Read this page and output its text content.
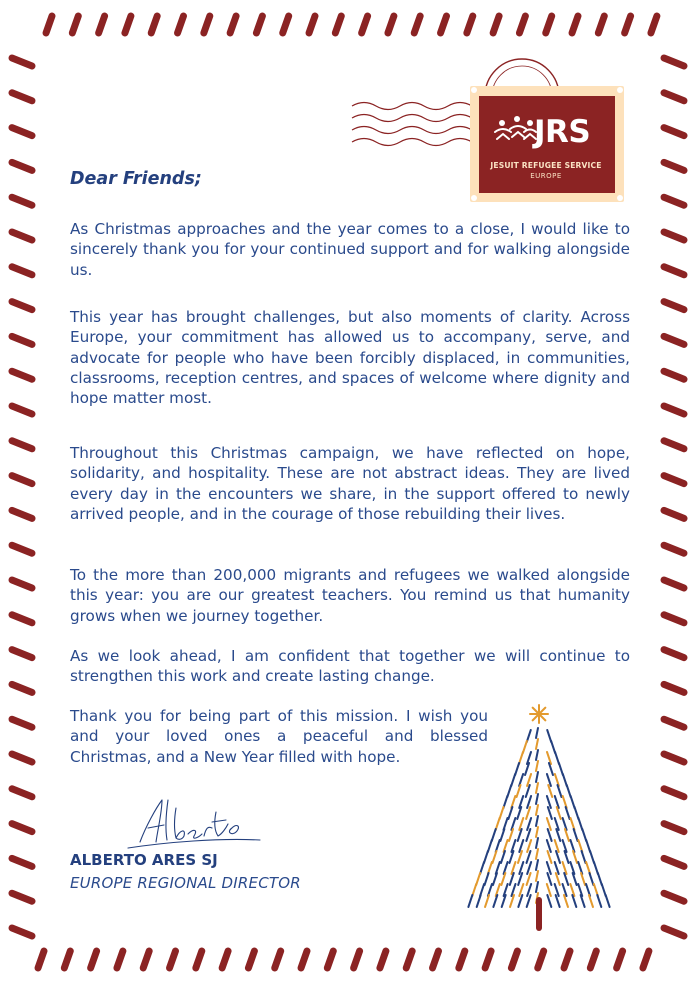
JRS
JESUIT REFUGEE SERVICE
EUROPE
Dear Friends;

As Christmas approaches and the year comes to a close, I would like to sincerely thank you for your continued support and for walking alongside us.

This year has brought challenges, but also moments of clarity. Across Europe, your commitment has allowed us to accompany, serve, and advocate for people who have been forcibly displaced, in communities, classrooms, reception centres, and spaces of welcome where dignity and hope matter most.

Throughout this Christmas campaign, we have reflected on hope, solidarity, and hospitality. These are not abstract ideas. They are lived every day in the encounters we share, in the support offered to newly arrived people, and in the courage of those rebuilding their lives.

To the more than 200,000 migrants and refugees we walked alongside this year: you are our greatest teachers. You remind us that humanity grows when we journey together.

As we look ahead, I am confident that together we will continue to strengthen this work and create lasting change.

Thank you for being part of this mission. I wish you and your loved ones a peaceful and blessed Christmas, and a New Year filled with hope.

ALBERTO ARES SJ
EUROPE REGIONAL DIRECTOR
